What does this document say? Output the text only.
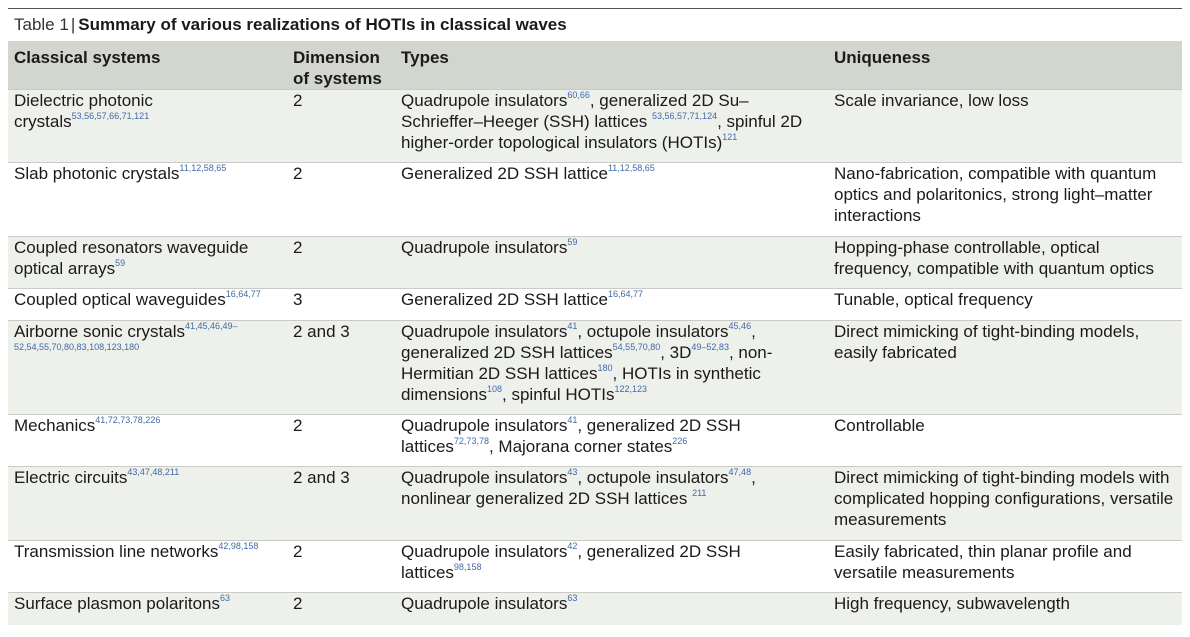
Table 1 | Summary of various realizations of HOTIs in classical waves
Classical systems	Dimension of systems	Types	Uniqueness
Dielectric photonic crystals$^{53,56,57,66,71,121}$	2	Quadrupole insulators$^{60,66}$, generalized 2D Su–Schrieffer–Heeger (SSH) lattices $^{53,56,57,71,124}$, spinful 2D higher-order topological insulators (HOTIs)$^{121}$	Scale invariance, low loss
Slab photonic crystals$^{11,12,58,65}$	2	Generalized 2D SSH lattice$^{11,12,58,65}$	Nano-fabrication, compatible with quantum optics and polaritonics, strong light–matter interactions
Coupled resonators waveguide optical arrays$^{59}$	2	Quadrupole insulators$^{59}$	Hopping-phase controllable, optical frequency, compatible with quantum optics
Coupled optical waveguides$^{16,64,77}$	3	Generalized 2D SSH lattice$^{16,64,77}$	Tunable, optical frequency
Airborne sonic crystals$^{41,45,46,49-52,54,55,70,80,83,108,123,180}$	2 and 3	Quadrupole insulators$^{41}$, octupole insulators$^{45,46}$, generalized 2D SSH lattices$^{54,55,70,80}$, $3D^{49-52,83}$, non-Hermitian 2D SSH lattices$^{180}$, HOTIs in synthetic dimensions$^{108}$, spinful HOTIs$^{122,123}$	Direct mimicking of tight-binding models, easily fabricated
Mechanics$^{41,72,73,78,226}$	2	Quadrupole insulators$^{41}$, generalized 2D SSH lattices$^{72,73,78}$, Majorana corner states$^{226}$	Controllable
Electric circuits$^{43,47,48,211}$	2 and 3	Quadrupole insulators$^{43}$, octupole insulators$^{47,48}$, nonlinear generalized 2D SSH lattices $^{211}$	Direct mimicking of tight-binding models with complicated hopping configurations, versatile measurements
Transmission line networks$^{42,98,158}$	2	Quadrupole insulators$^{42}$, generalized 2D SSH lattices$^{98,158}$	Easily fabricated, thin planar profile and versatile measurements
Surface plasmon polaritons$^{63}$	2	Quadrupole insulators$^{63}$	High frequency, subwavelength
